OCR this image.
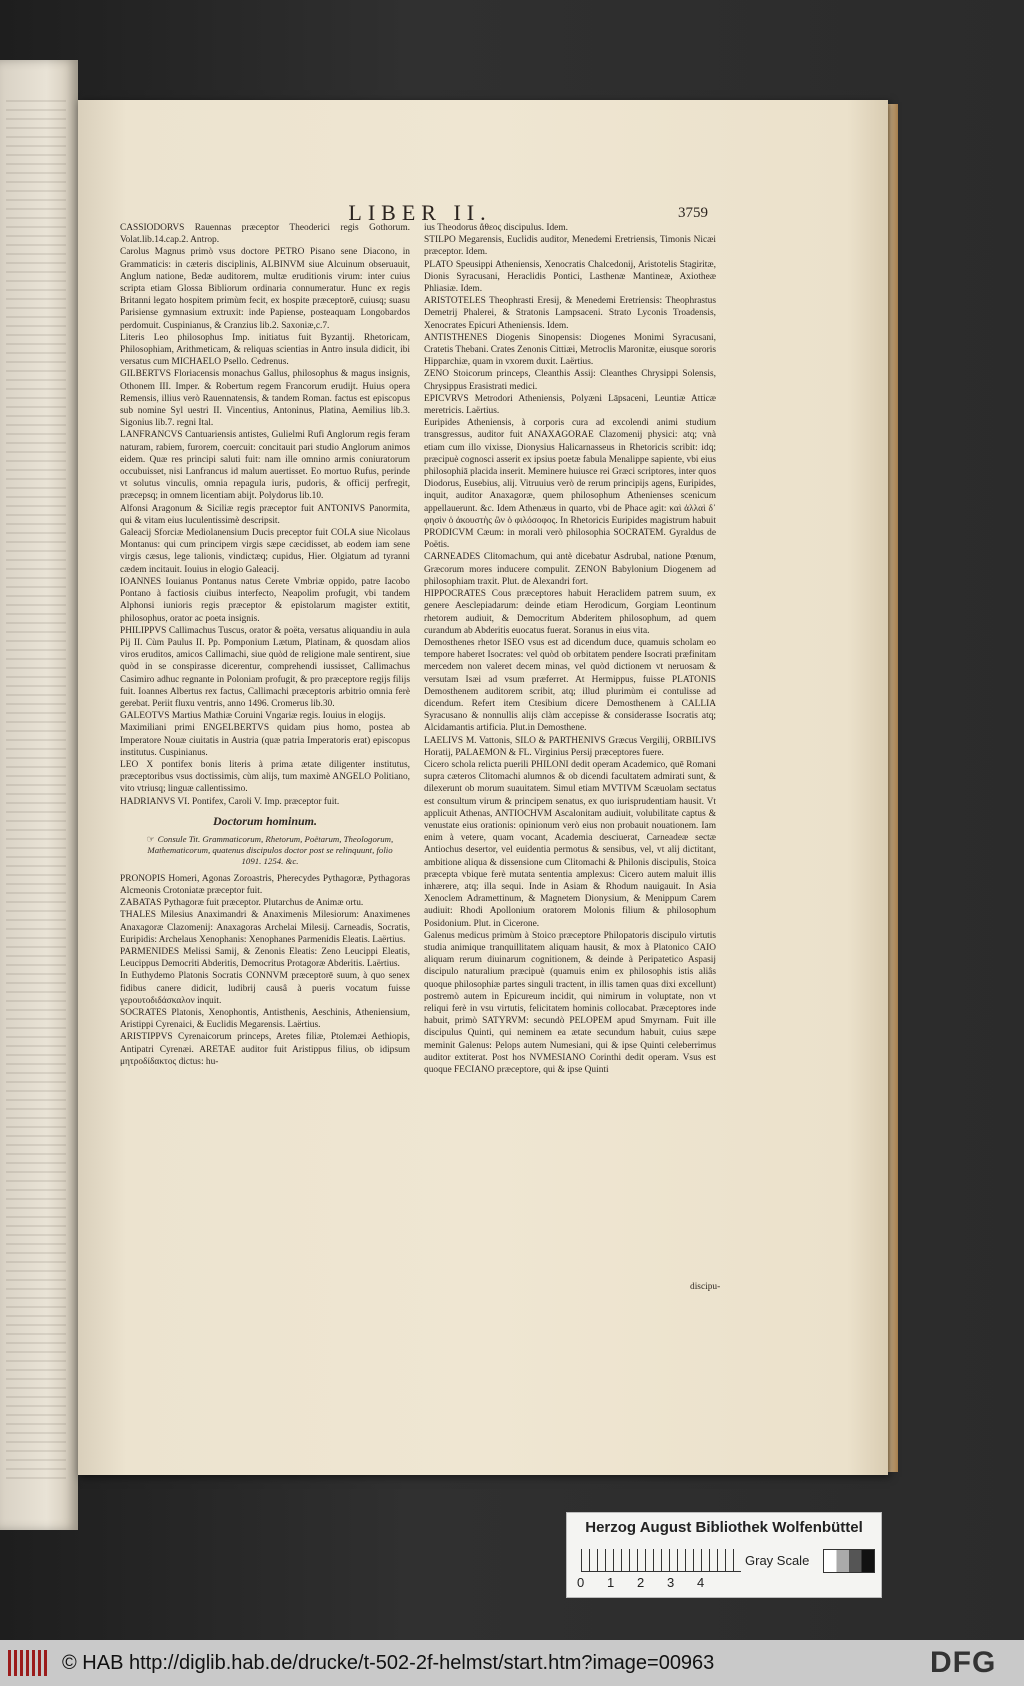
LIBER II.	3759

CASSIODORVS Rauennas præceptor Theoderici regis Gothorum. Volat.lib.14.cap.2. Antrop.

Carolus Magnus primò vsus doctore PETRO Pisano sene Diacono, in Grammaticis: in cæteris disciplinis, ALBINVM siue Alcuinum obseruauit, Anglum natione, Bedæ auditorem, multæ eruditionis virum: inter cuius scripta etiam Glossa Bibliorum ordinaria connumeratur. Hunc ex regis Britanni legato hospitem primùm fecit, ex hospite præceptorē, cuiusq; suasu Parisiense gymnasium extruxit: inde Papiense, posteaquam Longobardos perdomuit. Cuspinianus, & Cranzius lib.2. Saxoniæ,c.7.

Literis Leo philosophus Imp. initiatus fuit Byzantij. Rhetoricam, Philosophiam, Arithmeticam, & reliquas scientias in Antro insula didicit, ibi versatus cum MICHAELO Psello. Cedrenus.

GILBERTVS Floriacensis monachus Gallus, philosophus & magus insignis, Othonem III. Imper. & Robertum regem Francorum erudijt. Huius opera Remensis, illius verò Rauennatensis, & tandem Roman. factus est episcopus sub nomine Syl uestri II. Vincentius, Antoninus, Platina, Aemilius lib.3. Sigonius lib.7. regni Ital.

LANFRANCVS Cantuariensis antistes, Gulielmi Rufi Anglorum regis feram naturam, rabiem, furorem, coercuit: concitauit pari studio Anglorum animos eidem. Quæ res principi saluti fuit: nam ille omnino armis coniuratorum occubuisset, nisi Lanfrancus id malum auertisset. Eo mortuo Rufus, perinde vt solutus vinculis, omnia repagula iuris, pudoris, & officij perfregit, præcepsq; in omnem licentiam abijt. Polydorus lib.10.

Alfonsi Aragonum & Siciliæ regis præceptor fuit ANTONIVS Panormita, qui & vitam eius luculentissimè descripsit.

Galeacij Sforciæ Mediolanensium Ducis preceptor fuit COLA siue Nicolaus Montanus: qui cum principem virgis sæpe cæcidisset, ab eodem iam sene virgis cæsus, lege talionis, vindictæq; cupidus, Hier. Olgiatum ad tyranni cædem incitauit. Iouius in elogio Galeacij.

IOANNES Iouianus Pontanus natus Cerete Vmbriæ oppido, patre Iacobo Pontano à factiosis ciuibus interfecto, Neapolim profugit, vbi tandem Alphonsi iunioris regis præceptor & epistolarum magister extitit, philosophus, orator ac poeta insignis.

PHILIPPVS Callimachus Tuscus, orator & poëta, versatus aliquandiu in aula Pij II. Cùm Paulus II. Pp. Pomponium Lætum, Platinam, & quosdam alios viros eruditos, amicos Callimachi, siue quòd de religione male sentirent, siue quòd in se conspirasse dicerentur, comprehendi iussisset, Callimachus Casimiro adhuc regnante in Poloniam profugit, & pro præceptore regijs filijs fuit. Ioannes Albertus rex factus, Callimachi præceptoris arbitrio omnia ferè gerebat. Periit fluxu ventris, anno 1496. Cromerus lib.30.

GALEOTVS Martius Mathiæ Coruini Vngariæ regis. Iouius in elogijs.

Maximiliani primi ENGELBERTVS quidam pius homo, postea ab Imperatore Nouæ ciuitatis in Austria (quæ patria Imperatoris erat) episcopus institutus. Cuspinianus.

LEO X pontifex bonis literis à prima ætate diligenter institutus, præceptoribus vsus doctissimis, cùm alijs, tum maximè ANGELO Politiano, vito vtriusq; linguæ callentissimo.

HADRIANVS VI. Pontifex, Caroli V. Imp. præceptor fuit.

Doctorum hominum.
☞ Consule Tit. Grammaticorum, Rhetorum, Poëtarum, Theologorum, Mathematicorum, quatenus discipulos doctor post se relinquunt, folio 1091. 1254. &c.

PRONOPIS Homeri, Agonas Zoroastris, Pherecydes Pythagoræ, Pythagoras Alcmeonis Crotoniatæ præceptor fuit.

ZABATAS Pythagoræ fuit præceptor. Plutarchus de Animæ ortu.

THALES Milesius Anaximandri & Anaximenis Milesiorum: Anaximenes Anaxagoræ Clazomenij: Anaxagoras Archelai Milesij. Carneadis, Socratis, Euripidis: Archelaus Xenophanis: Xenophanes Parmenidis Eleatis. Laërtius.

PARMENIDES Melissi Samij, & Zenonis Eleatis: Zeno Leucippi Eleatis, Leucippus Democriti Abderitis, Democritus Protagoræ Abderitis. Laërtius.

In Euthydemo Platonis Socratis CONNVM præceptorē suum, à quo senex fidibus canere didicit, ludibrij causâ à pueris vocatum fuisse γερουτοδιδάσκαλον inquit.

SOCRATES Platonis, Xenophontis, Antisthenis, Aeschinis, Atheniensium, Aristippi Cyrenaici, & Euclidis Megarensis. Laërtius.

ARISTIPPVS Cyrenaicorum princeps, Aretes filiæ, Ptolemæi Aethiopis, Antipatri Cyrenæi. ARETAE auditor fuit Aristippus filius, ob idipsum μητροδίδακτος dictus: hu-

ius Theodorus ἄθεος discipulus. Idem.

STILPO Megarensis, Euclidis auditor, Menedemi Eretriensis, Timonis Nicæi præceptor. Idem.

PLATO Speusippi Atheniensis, Xenocratis Chalcedonij, Aristotelis Stagiritæ, Dionis Syracusani, Heraclidis Pontici, Lasthenæ Mantineæ, Axiotheæ Phliasiæ. Idem.

ARISTOTELES Theophrasti Eresij, & Menedemi Eretriensis: Theophrastus Demetrij Phalerei, & Stratonis Lampsaceni. Strato Lyconis Troadensis, Xenocrates Epicuri Atheniensis. Idem.

ANTISTHENES Diogenis Sinopensis: Diogenes Monimi Syracusani, Cratetis Thebani. Crates Zenonis Cittiæi, Metroclis Maronitæ, eiusque sororis Hipparchiæ, quam in vxorem duxit. Laërtius.

ZENO Stoicorum princeps, Cleanthis Assij: Cleanthes Chrysippi Solensis, Chrysippus Erasistrati medici.

EPICVRVS Metrodori Atheniensis, Polyæni Lāpsaceni, Leuntiæ Atticæ meretricis. Laërtius.

Euripides Atheniensis, à corporis cura ad excolendi animi studium transgressus, auditor fuit ANAXAGORAE Clazomenij physici: atq; vnà etiam cum illo vixisse, Dionysius Halicarnasseus in Rhetoricis scribit: idq; præcipuè cognosci asserit ex ipsius poetæ fabula Menalippe sapiente, vbi eius philosophiā placida inserit. Meminere huiusce rei Græci scriptores, inter quos Diodorus, Eusebius, alij. Vitruuius verò de rerum principijs agens, Euripides, inquit, auditor Anaxagoræ, quem philosophum Athenienses scenicum appellauerunt. &c. Idem Athenæus in quarto, vbi de Phace agit: καὶ ἀλλαὶ δ᾽ φησὶν ὁ ἀκουστὴς ὢν ὁ φιλόσοφος. In Rhetoricis Euripides magistrum habuit PRODICVM Cæum: in morali verò philosophia SOCRATEM. Gyraldus de Poëtis.

CARNEADES Clitomachum, qui antè dicebatur Asdrubal, natione Pœnum, Græcorum mores inducere compulit. ZENON Babylonium Diogenem ad philosophiam traxit. Plut. de Alexandri fort.

HIPPOCRATES Cous præceptores habuit Heraclidem patrem suum, ex genere Aesclepiadarum: deinde etiam Herodicum, Gorgiam Leontinum rhetorem audiuit, & Democritum Abderitem philosophum, ad quem curandum ab Abderitis euocatus fuerat. Soranus in eius vita.

Demosthenes rhetor ISEO vsus est ad dicendum duce, quamuis scholam eo tempore haberet Isocrates: vel quòd ob orbitatem pendere Isocrati præfinitam mercedem non valeret decem minas, vel quòd dictionem vt neruosam & versutam Isæi ad vsum præferret. At Hermippus, fuisse PLATONIS Demosthenem auditorem scribit, atq; illud plurimùm ei contulisse ad dicendum. Refert item Ctesibium dicere Demosthenem à CALLIA Syracusano & nonnullis alijs clàm accepisse & considerasse Isocratis atq; Alcidamantis artificia. Plut.in Demosthene.

LAELIVS M. Vattonis, SILO & PARTHENIVS Græcus Vergilij, ORBILIVS Horatij, PALAEMON & FL. Virginius Persij præceptores fuere.

Cicero schola relicta puerili PHILONI dedit operam Academico, quē Romani supra cæteros Clitomachi alumnos & ob dicendi facultatem admirati sunt, & dilexerunt ob morum suauitatem. Simul etiam MVTIVM Scæuolam sectatus est consultum virum & principem senatus, ex quo iurisprudentiam hausit. Vt applicuit Athenas, ANTIOCHVM Ascalonitam audiuit, volubilitate captus & venustate eius orationis: opinionum verò eius non probauit nouationem. Iam enim à vetere, quam vocant, Academia desciuerat, Carneadeæ sectæ Antiochus desertor, vel euidentia permotus & sensibus, vel, vt alij dictitant, ambitione aliqua & dissensione cum Clitomachi & Philonis discipulis, Stoica præcepta vbique ferè mutata sententia amplexus: Cicero autem maluit illis inhærere, atq; illa sequi. Inde in Asiam & Rhodum nauigauit. In Asia Xenoclem Adramettinum, & Magnetem Dionysium, & Menippum Carem audiuit: Rhodi Apollonium oratorem Molonis filium & philosophum Posidonium. Plut. in Cicerone.

Galenus medicus primùm à Stoico præceptore Philopatoris discipulo virtutis studia animique tranquillitatem aliquam hausit, & mox à Platonico CAIO aliquam rerum diuinarum cognitionem, & deinde à Peripatetico Aspasij discipulo naturalium præcipuè (quamuis enim ex philosophis istis aliâs quoque philosophiæ partes singuli tractent, in illis tamen quas dixi excellunt) postremò autem in Epicureum incidit, qui nimirum in voluptate, non vt reliqui ferè in vsu virtutis, felicitatem hominis collocabat. Præceptores inde habuit, primò SATYRVM: secundò PELOPEM apud Smyrnam. Fuit ille discipulus Quinti, qui neminem ea ætate secundum habuit, cuius sæpe meminit Galenus: Pelops autem Numesiani, qui & ipse Quinti celeberrimus auditor extiterat. Post hos NVMESIANO Corinthi dedit operam. Vsus est quoque FECIANO præceptore, qui & ipse Quinti

discipu-
Herzog August Bibliothek Wolfenbüttel
0 1 2 3 4
Gray Scale
© HAB http://diglib.hab.de/drucke/t-502-2f-helmst/start.htm?image=00963	DFG
